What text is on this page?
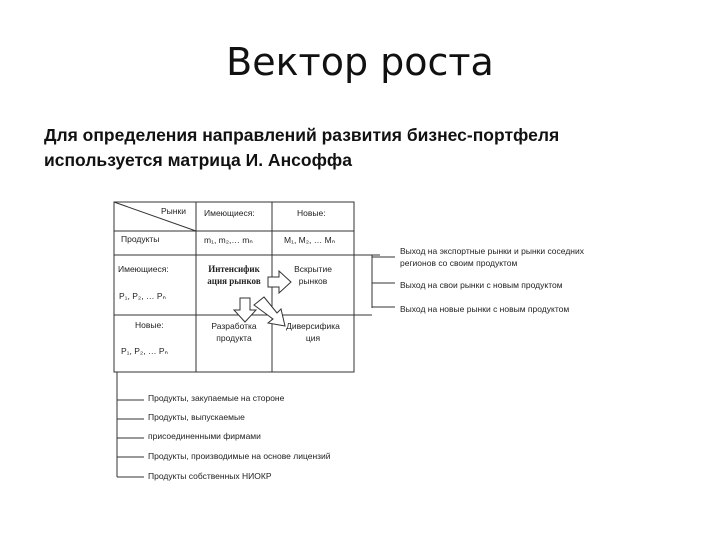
Вектор роста
Для определения направлений развития бизнес-портфеля
используется матрица И. Ансоффа
Рынки
Продукты
Имеющиеся:	Новые:
m₁, m₂,… mₙ	M₁, M₂, … Mₙ
Имеющиеся:
P₁, P₂, … Pₙ
Новые:
P₁, P₂, … Pₙ
Интенсифик
ация рынков
Вскрытие
рынков
Разработка
продукта
Диверсифика
ция
Выход на экспортные рынки и рынки соседних
регионов со своим продуктом
Выход на свои рынки с новым продуктом
Выход на новые рынки с новым продуктом
Продукты, закупаемые на стороне
Продукты, выпускаемые
присоединенными фирмами
Продукты, производимые на основе лицензий
Продукты собственных НИОКР
